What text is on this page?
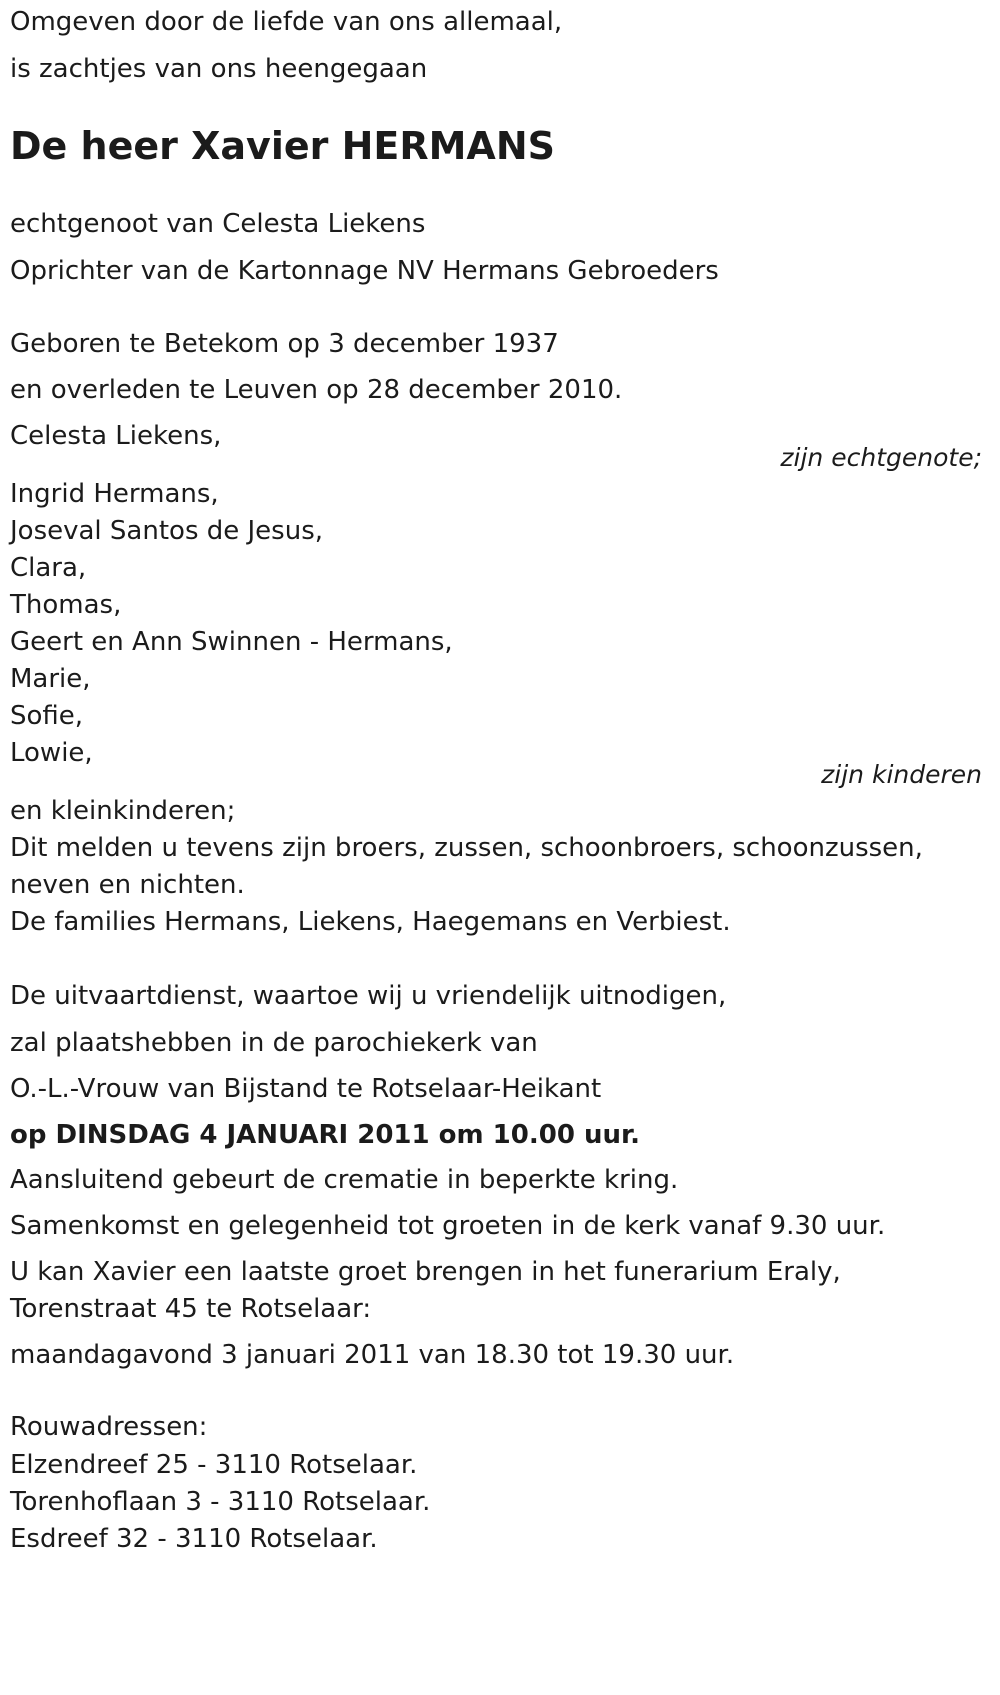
Omgeven door de liefde van ons allemaal,
is zachtjes van ons heengegaan
De heer Xavier HERMANS
echtgenoot van Celesta Liekens
Oprichter van de Kartonnage NV Hermans Gebroeders
Geboren te Betekom op 3 december 1937
en overleden te Leuven op 28 december 2010.
Celesta Liekens,
zijn echtgenote;
Ingrid Hermans,
Joseval Santos de Jesus,
Clara,
Thomas,
Geert en Ann Swinnen - Hermans,
Marie,
Sofie,
Lowie,
zijn kinderen
en kleinkinderen;
Dit melden u tevens zijn broers, zussen, schoonbroers, schoonzussen,
neven en nichten.
De families Hermans, Liekens, Haegemans en Verbiest.
De uitvaartdienst, waartoe wij u vriendelijk uitnodigen,
zal plaatshebben in de parochiekerk van
O.-L.-Vrouw van Bijstand te Rotselaar-Heikant
op DINSDAG 4 JANUARI 2011 om 10.00 uur.
Aansluitend gebeurt de crematie in beperkte kring.
Samenkomst en gelegenheid tot groeten in de kerk vanaf 9.30 uur.
U kan Xavier een laatste groet brengen in het funerarium Eraly,
Torenstraat 45 te Rotselaar:
maandagavond 3 januari 2011 van 18.30 tot 19.30 uur.
Rouwadressen:
Elzendreef 25 - 3110 Rotselaar.
Torenhoflaan 3 - 3110 Rotselaar.
Esdreef 32 - 3110 Rotselaar.
